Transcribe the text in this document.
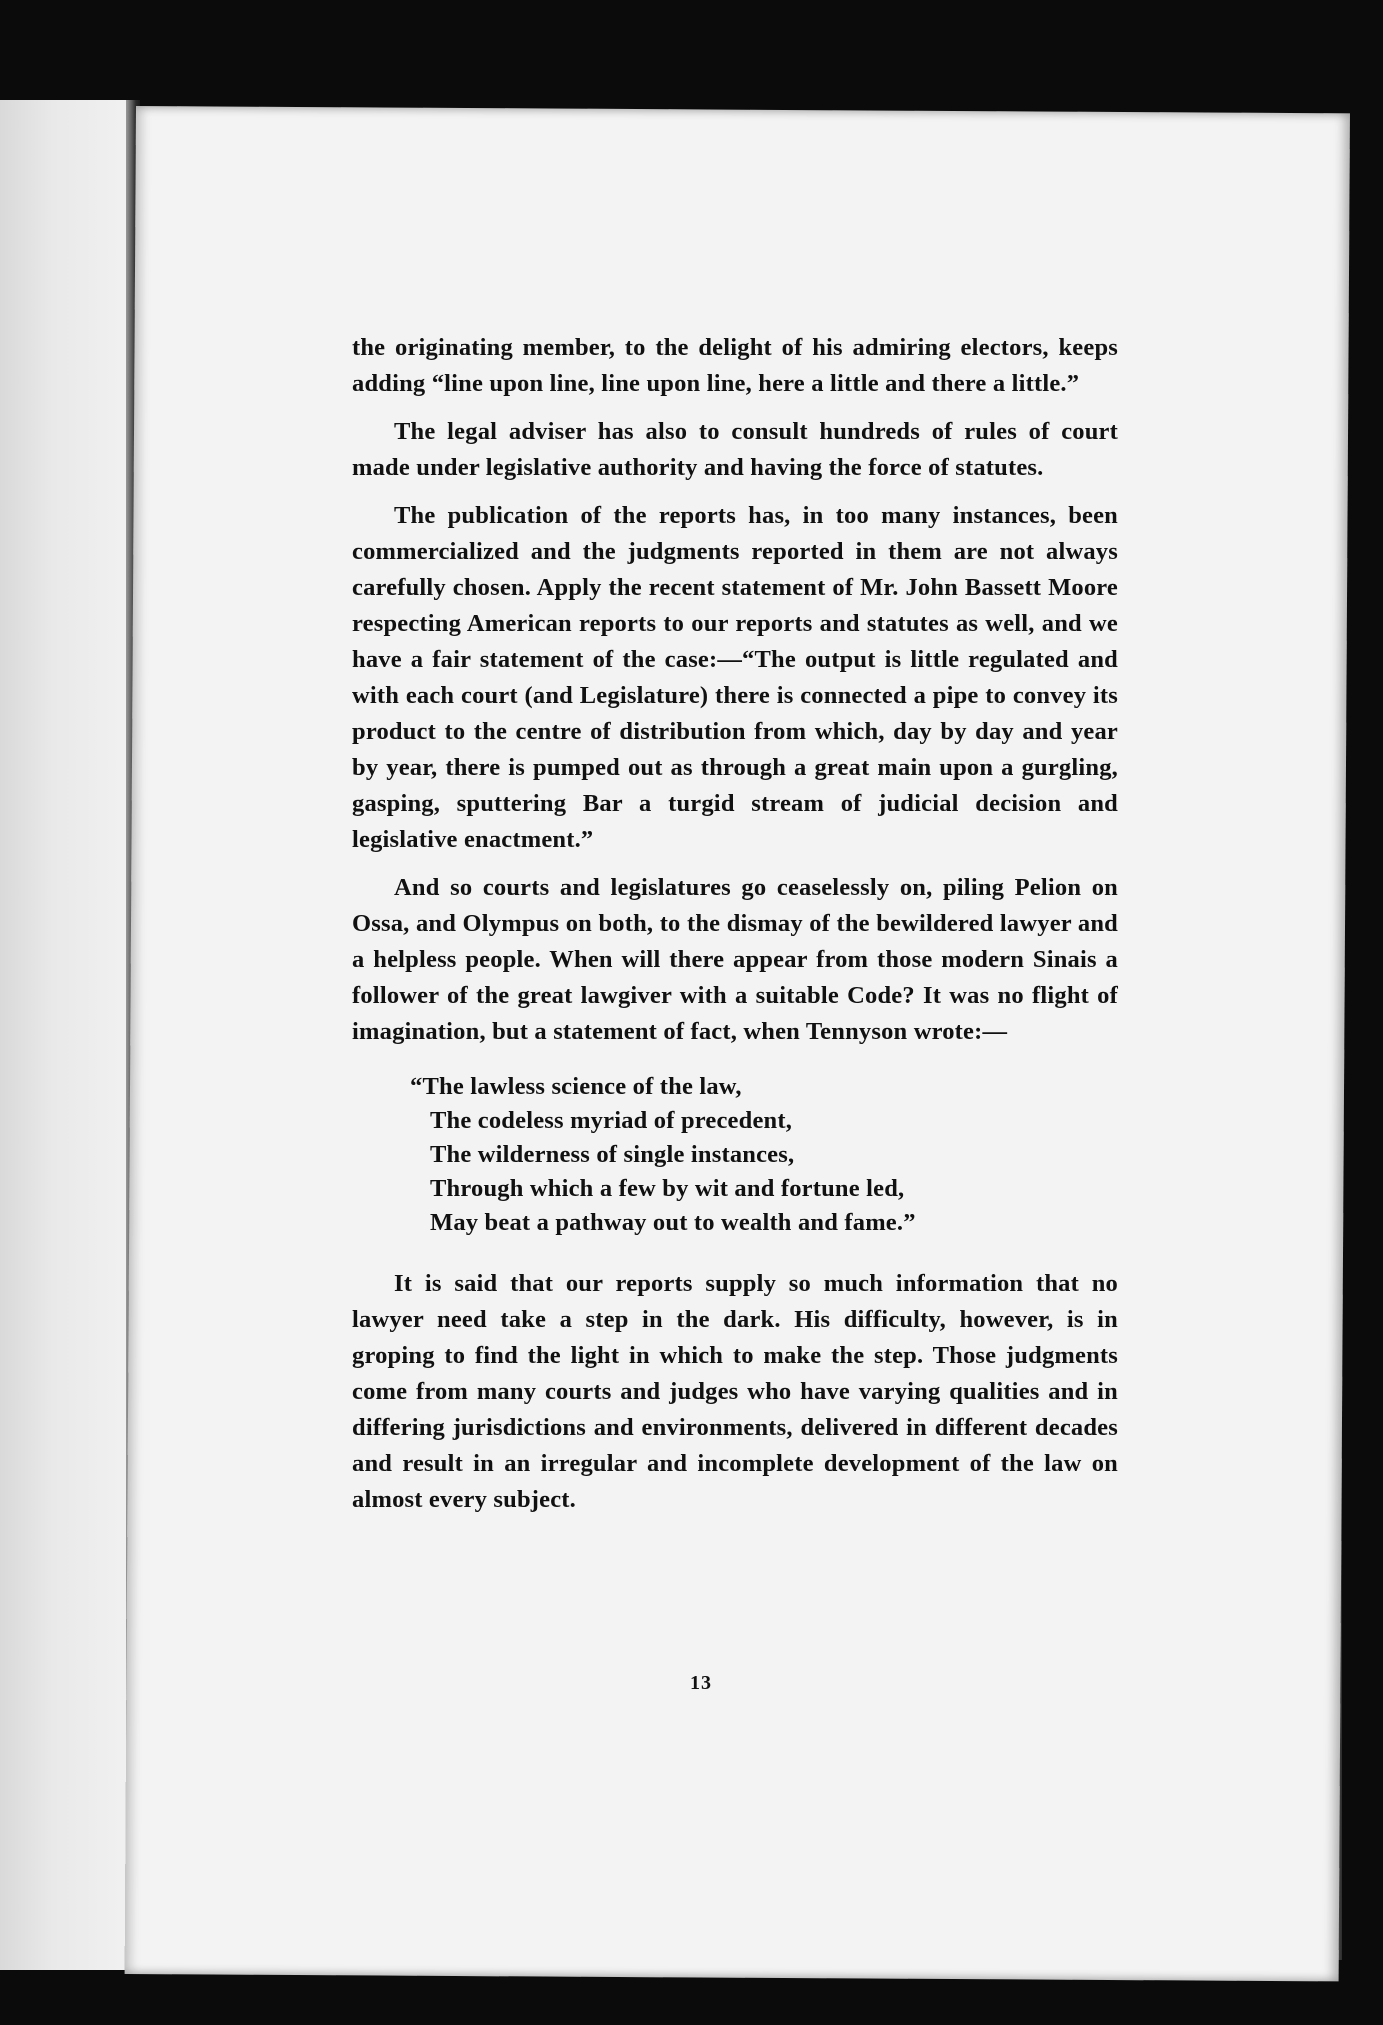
the originating member, to the delight of his admiring electors, keeps adding “line upon line, line upon line, here a little and there a little.”

The legal adviser has also to consult hundreds of rules of court made under legislative authority and having the force of statutes.

The publication of the reports has, in too many instances, been commercialized and the judgments reported in them are not always carefully chosen. Apply the recent statement of Mr. John Bassett Moore respecting American reports to our reports and statutes as well, and we have a fair statement of the case:—“The output is little regulated and with each court (and Legislature) there is connected a pipe to convey its product to the centre of distribution from which, day by day and year by year, there is pumped out as through a great main upon a gurgling, gasping, sputtering Bar a turgid stream of judicial decision and legislative enactment.”

And so courts and legislatures go ceaselessly on, piling Pelion on Ossa, and Olympus on both, to the dismay of the bewildered lawyer and a helpless people. When will there appear from those modern Sinais a follower of the great lawgiver with a suitable Code? It was no flight of imagination, but a statement of fact, when Tennyson wrote:—

“The lawless science of the law,
The codeless myriad of precedent,
The wilderness of single instances,
Through which a few by wit and fortune led,
May beat a pathway out to wealth and fame.”

It is said that our reports supply so much information that no lawyer need take a step in the dark. His difficulty, however, is in groping to find the light in which to make the step. Those judgments come from many courts and judges who have varying qualities and in differing jurisdictions and environments, delivered in different decades and result in an irregular and incomplete development of the law on almost every subject.

13
